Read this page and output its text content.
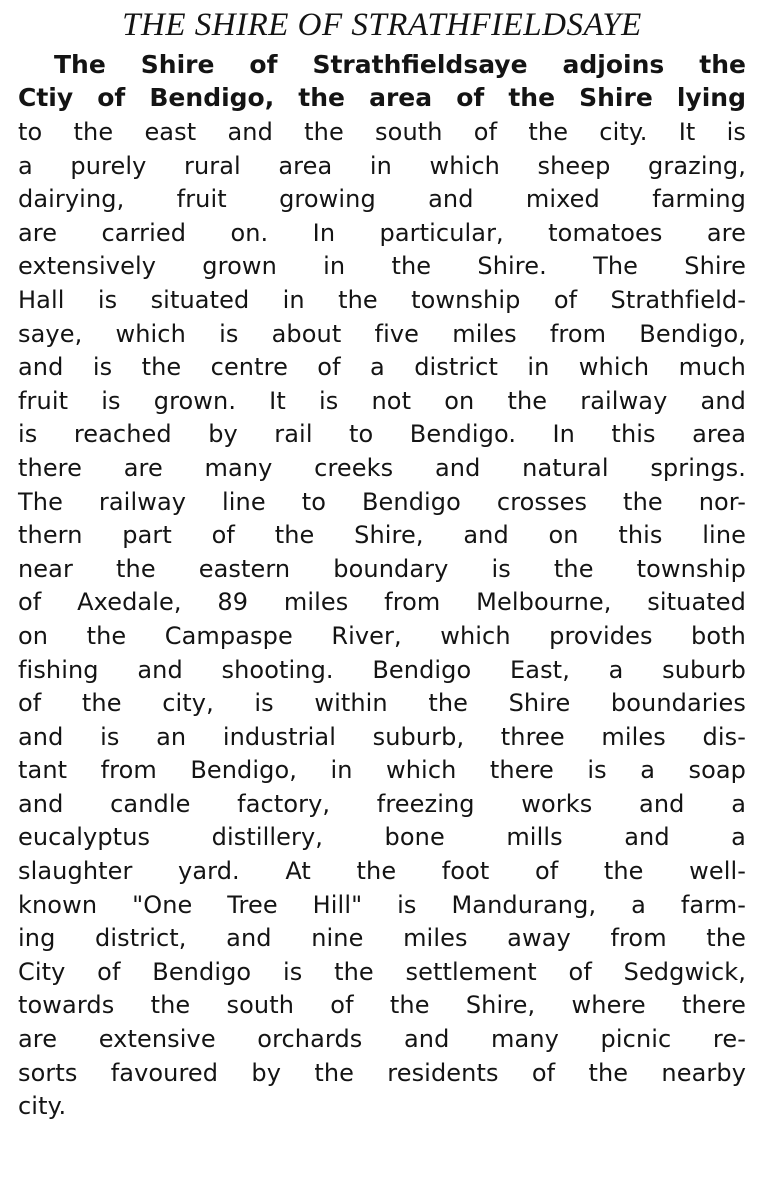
THE SHIRE OF STRATHFIELDSAYE
The Shire of Strathfieldsaye adjoins the
Ctiy of Bendigo, the area of the Shire lying
to the east and the south of the city. It is
a purely rural area in which sheep grazing,
dairying, fruit growing and mixed farming
are carried on. In particular, tomatoes are
extensively grown in the Shire. The Shire
Hall is situated in the township of Strathfield-
saye, which is about five miles from Bendigo,
and is the centre of a district in which much
fruit is grown. It is not on the railway and
is reached by rail to Bendigo. In this area
there are many creeks and natural springs.
The railway line to Bendigo crosses the nor-
thern part of the Shire, and on this line
near the eastern boundary is the township
of Axedale, 89 miles from Melbourne, situated
on the Campaspe River, which provides both
fishing and shooting. Bendigo East, a suburb
of the city, is within the Shire boundaries
and is an industrial suburb, three miles dis-
tant from Bendigo, in which there is a soap
and candle factory, freezing works and a
eucalyptus distillery, bone mills and a
slaughter yard. At the foot of the well-
known "One Tree Hill" is Mandurang, a farm-
ing district, and nine miles away from the
City of Bendigo is the settlement of Sedgwick,
towards the south of the Shire, where there
are extensive orchards and many picnic re-
sorts favoured by the residents of the nearby
city.
